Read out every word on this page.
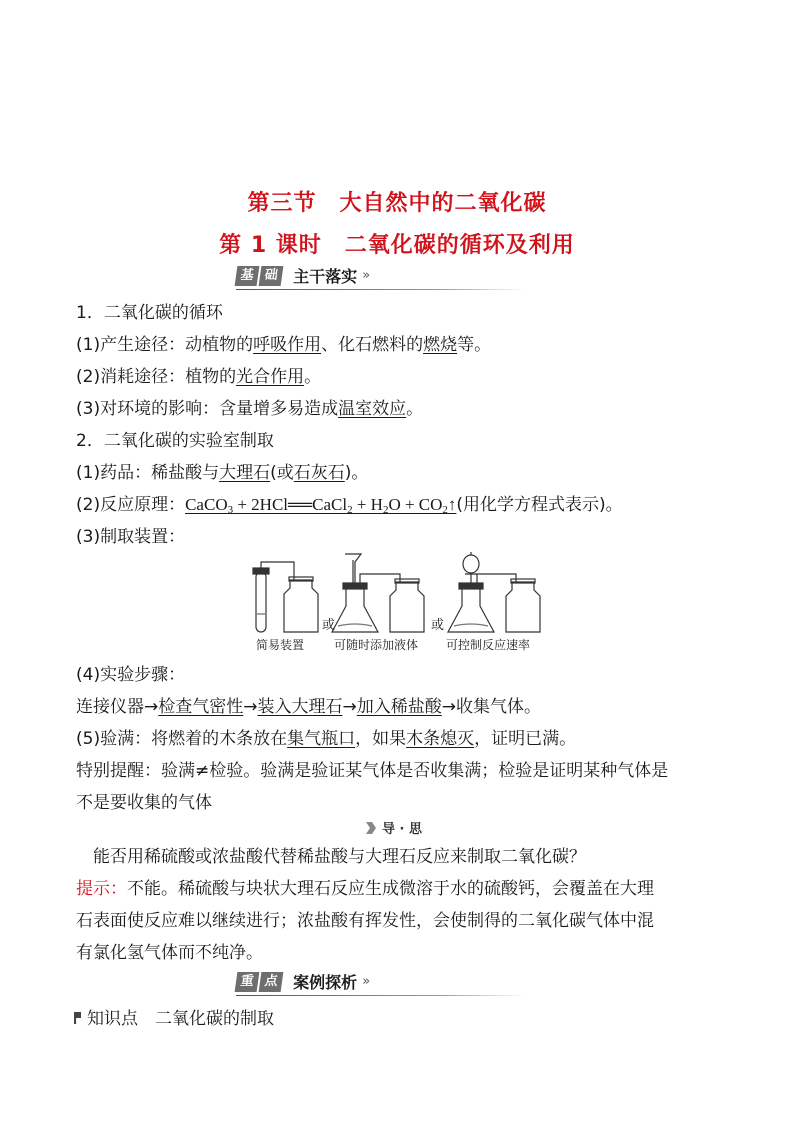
第三节　大自然中的二氧化碳
第 1 课时　二氧化碳的循环及利用
基 础 主干落实 »
1．二氧化碳的循环
(1)产生途径：动植物的呼吸作用、化石燃料的燃烧等。
(2)消耗途径：植物的光合作用。
(3)对环境的影响：含量增多易造成温室效应。
2．二氧化碳的实验室制取
(1)药品：稀盐酸与大理石(或石灰石)。
(2)反应原理：CaCO$_3$ + 2HCl══CaCl$_2$ + $H_2O$ + $CO_2↑$(用化学方程式表示)。
(3)制取装置：
或	或
简易装置 可随时添加液体 可控制反应速率
(4)实验步骤：
连接仪器→检查气密性→装入大理石→加入稀盐酸→收集气体。
(5)验满：将燃着的木条放在集气瓶口，如果木条熄灭，证明已满。
特别提醒：验满≠检验。验满是验证某气体是否收集满；检验是证明某种气体是
不是要收集的气体
导 · 思
能否用稀硫酸或浓盐酸代替稀盐酸与大理石反应来制取二氧化碳？
提示：不能。稀硫酸与块状大理石反应生成微溶于水的硫酸钙，会覆盖在大理
石表面使反应难以继续进行；浓盐酸有挥发性，会使制得的二氧化碳气体中混
有氯化氢气体而不纯净。
重 点 案例探析 »
知识点　二氧化碳的制取
